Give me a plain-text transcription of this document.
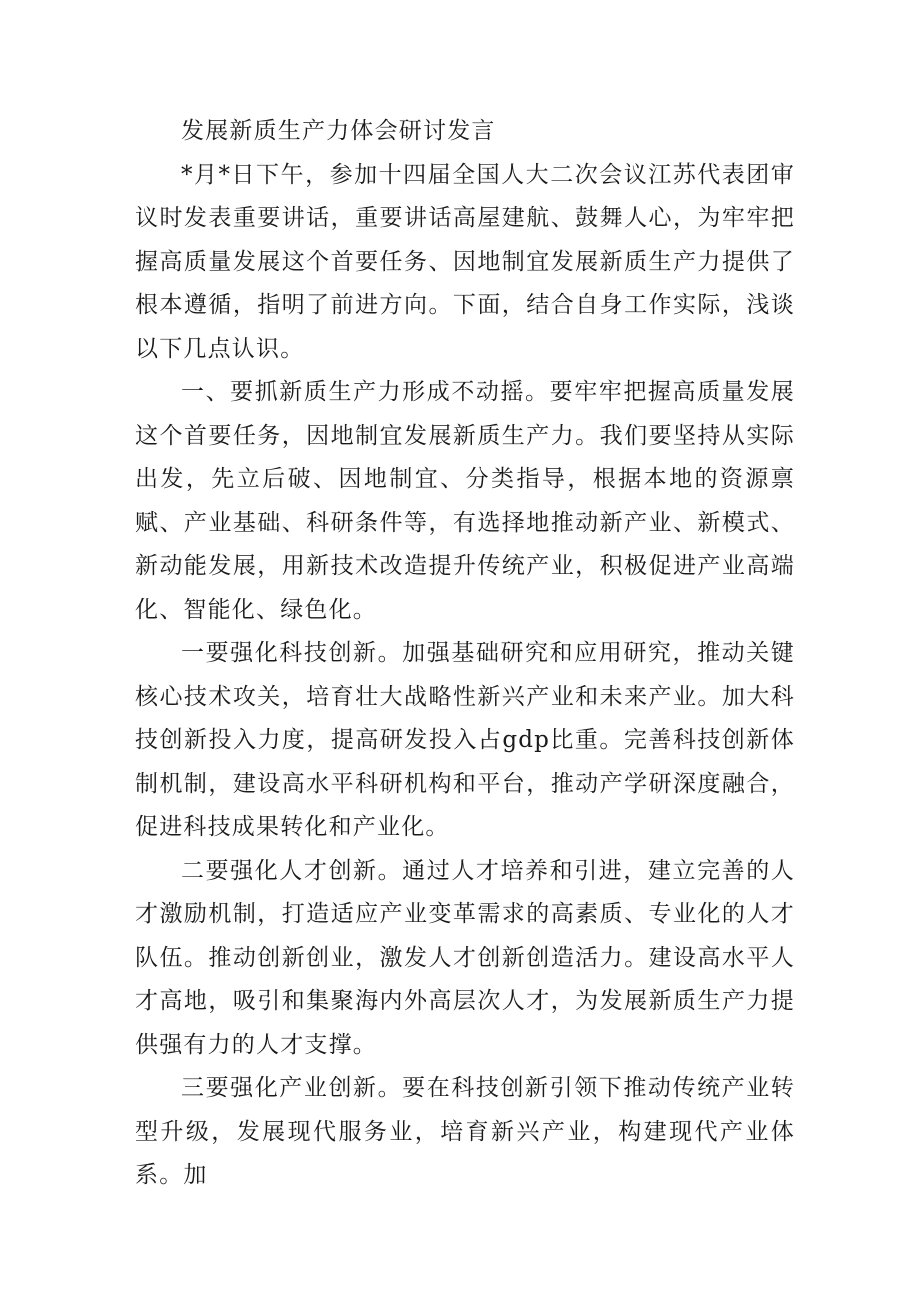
发展新质生产力体会研讨发言

*月*日下午，参加十四届全国人大二次会议江苏代表团审议时发表重要讲话，重要讲话高屋建航、鼓舞人心，为牢牢把握高质量发展这个首要任务、因地制宜发展新质生产力提供了根本遵循，指明了前进方向。下面，结合自身工作实际，浅谈以下几点认识。

一、要抓新质生产力形成不动摇。要牢牢把握高质量发展这个首要任务，因地制宜发展新质生产力。我们要坚持从实际出发，先立后破、因地制宜、分类指导，根据本地的资源禀赋、产业基础、科研条件等，有选择地推动新产业、新模式、新动能发展，用新技术改造提升传统产业，积极促进产业高端化、智能化、绿色化。

一要强化科技创新。加强基础研究和应用研究，推动关键核心技术攻关，培育壮大战略性新兴产业和未来产业。加大科技创新投入力度，提高研发投入占gdp比重。完善科技创新体制机制，建设高水平科研机构和平台，推动产学研深度融合，促进科技成果转化和产业化。

二要强化人才创新。通过人才培养和引进，建立完善的人才激励机制，打造适应产业变革需求的高素质、专业化的人才队伍。推动创新创业，激发人才创新创造活力。建设高水平人才高地，吸引和集聚海内外高层次人才，为发展新质生产力提供强有力的人才支撑。

三要强化产业创新。要在科技创新引领下推动传统产业转型升级，发展现代服务业，培育新兴产业，构建现代产业体系。加
